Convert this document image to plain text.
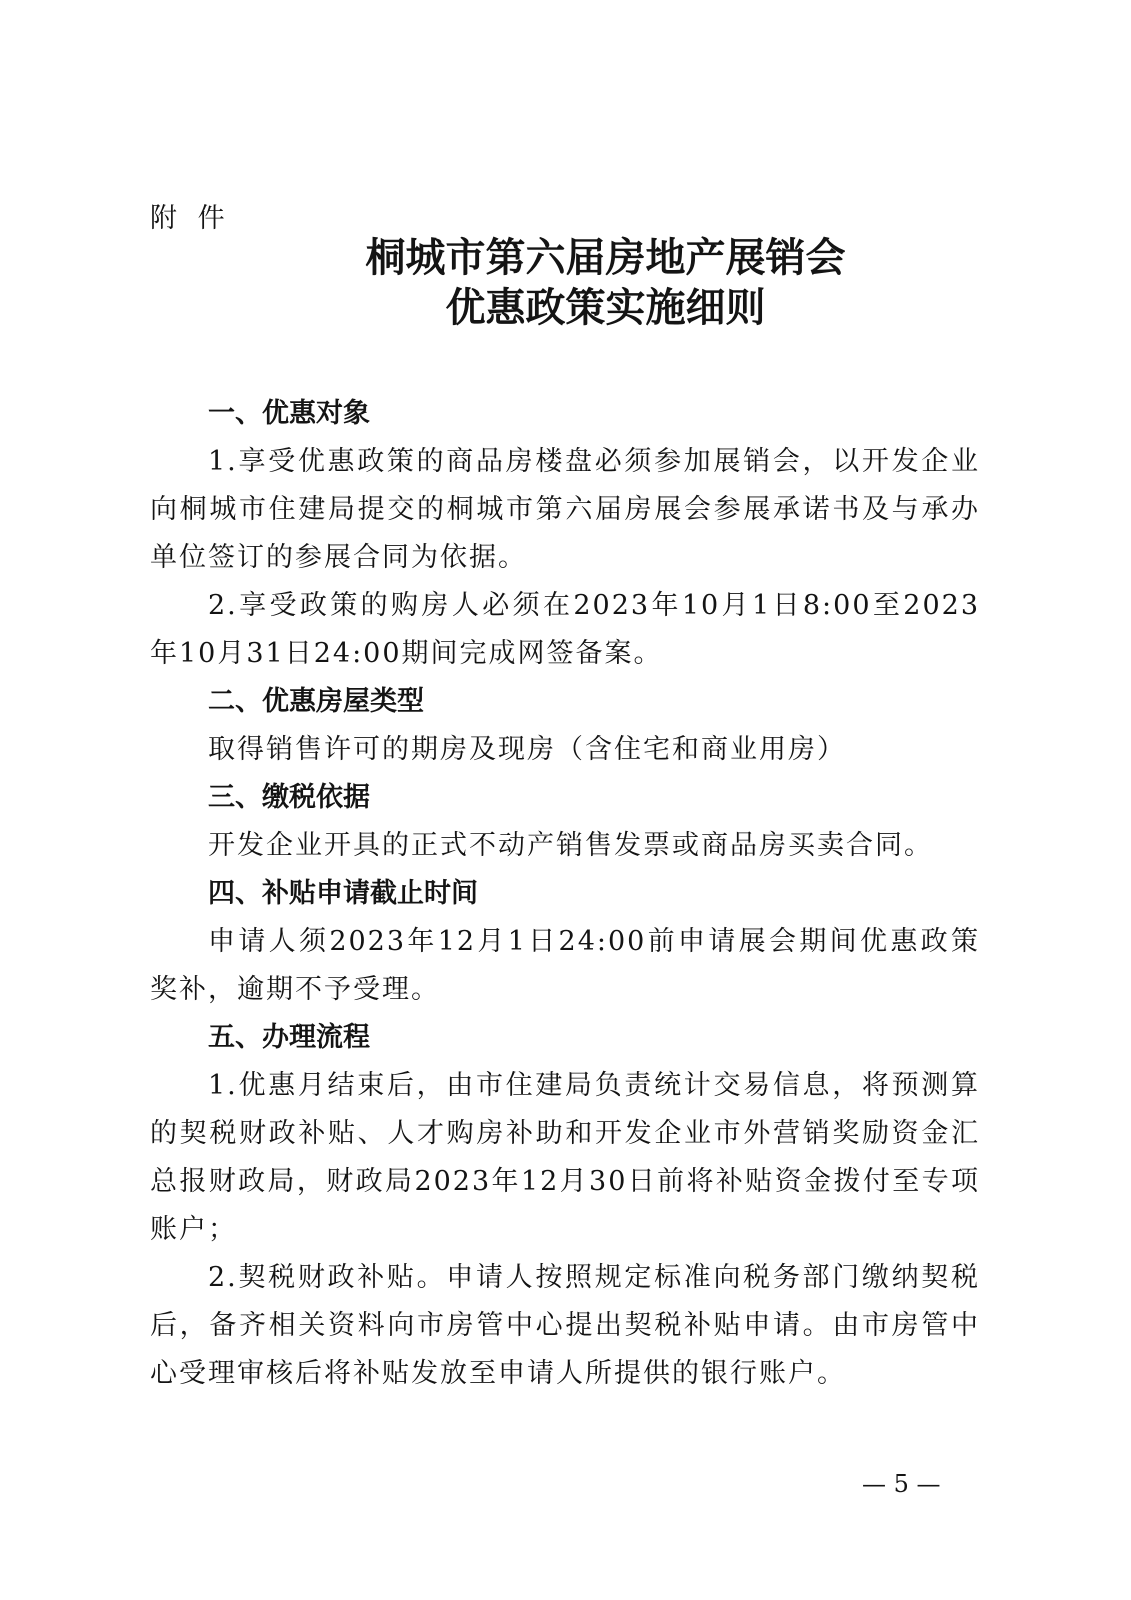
附 件

桐城市第六届房地产展销会
优惠政策实施细则
一、优惠对象

1.享受优惠政策的商品房楼盘必须参加展销会，以开发企业向桐城市住建局提交的桐城市第六届房展会参展承诺书及与承办单位签订的参展合同为依据。

2.享受政策的购房人必须在2023年10月1日8:00至2023年10月31日24:00期间完成网签备案。

二、优惠房屋类型

取得销售许可的期房及现房（含住宅和商业用房）

三、缴税依据

开发企业开具的正式不动产销售发票或商品房买卖合同。

四、补贴申请截止时间

申请人须2023年12月1日24:00前申请展会期间优惠政策奖补，逾期不予受理。

五、办理流程

1.优惠月结束后，由市住建局负责统计交易信息，将预测算的契税财政补贴、人才购房补助和开发企业市外营销奖励资金汇总报财政局，财政局2023年12月30日前将补贴资金拨付至专项账户；

2.契税财政补贴。申请人按照规定标准向税务部门缴纳契税后，备齐相关资料向市房管中心提出契税补贴申请。由市房管中心受理审核后将补贴发放至申请人所提供的银行账户。

— 5 —
